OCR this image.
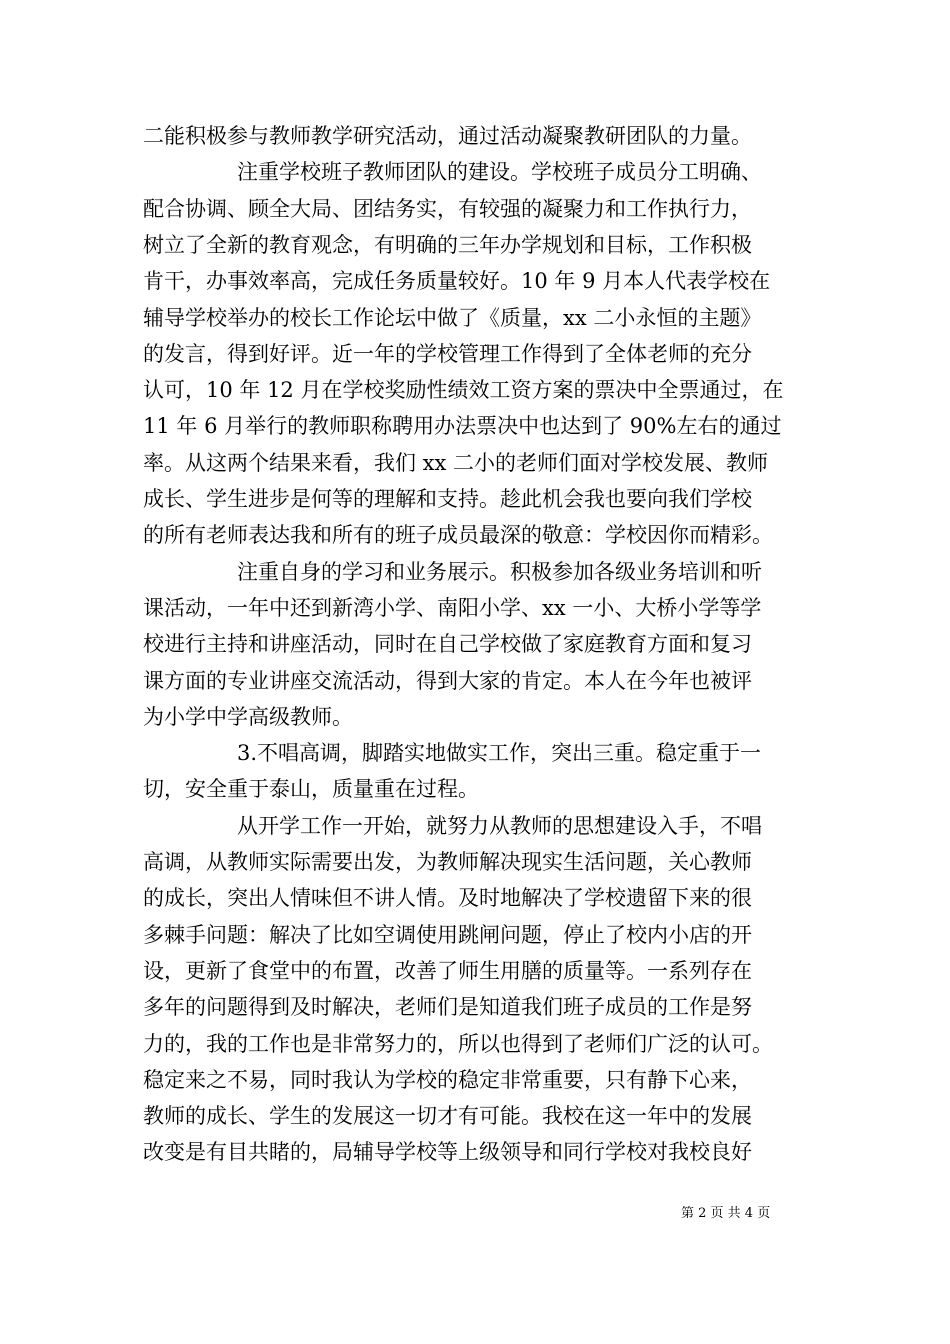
二能积极参与教师教学研究活动，通过活动凝聚教研团队的力量。
注重学校班子教师团队的建设。学校班子成员分工明确、
配合协调、顾全大局、团结务实，有较强的凝聚力和工作执行力，
树立了全新的教育观念，有明确的三年办学规划和目标，工作积极
肯干，办事效率高，完成任务质量较好。10 年 9 月本人代表学校在
辅导学校举办的校长工作论坛中做了《质量，xx 二小永恒的主题》
的发言，得到好评。近一年的学校管理工作得到了全体老师的充分
认可，10 年 12 月在学校奖励性绩效工资方案的票决中全票通过，在
11 年 6 月举行的教师职称聘用办法票决中也达到了 90%左右的通过
率。从这两个结果来看，我们 xx 二小的老师们面对学校发展、教师
成长、学生进步是何等的理解和支持。趁此机会我也要向我们学校
的所有老师表达我和所有的班子成员最深的敬意：学校因你而精彩。
注重自身的学习和业务展示。积极参加各级业务培训和听
课活动，一年中还到新湾小学、南阳小学、xx 一小、大桥小学等学
校进行主持和讲座活动，同时在自己学校做了家庭教育方面和复习
课方面的专业讲座交流活动，得到大家的肯定。本人在今年也被评
为小学中学高级教师。
3.不唱高调，脚踏实地做实工作，突出三重。稳定重于一
切，安全重于泰山，质量重在过程。
从开学工作一开始，就努力从教师的思想建设入手，不唱
高调，从教师实际需要出发，为教师解决现实生活问题，关心教师
的成长，突出人情味但不讲人情。及时地解决了学校遗留下来的很
多棘手问题：解决了比如空调使用跳闸问题，停止了校内小店的开
设，更新了食堂中的布置，改善了师生用膳的质量等。一系列存在
多年的问题得到及时解决，老师们是知道我们班子成员的工作是努
力的，我的工作也是非常努力的，所以也得到了老师们广泛的认可。
稳定来之不易，同时我认为学校的稳定非常重要，只有静下心来，
教师的成长、学生的发展这一切才有可能。我校在这一年中的发展
改变是有目共睹的，局辅导学校等上级领导和同行学校对我校良好
第 2 页 共 4 页
